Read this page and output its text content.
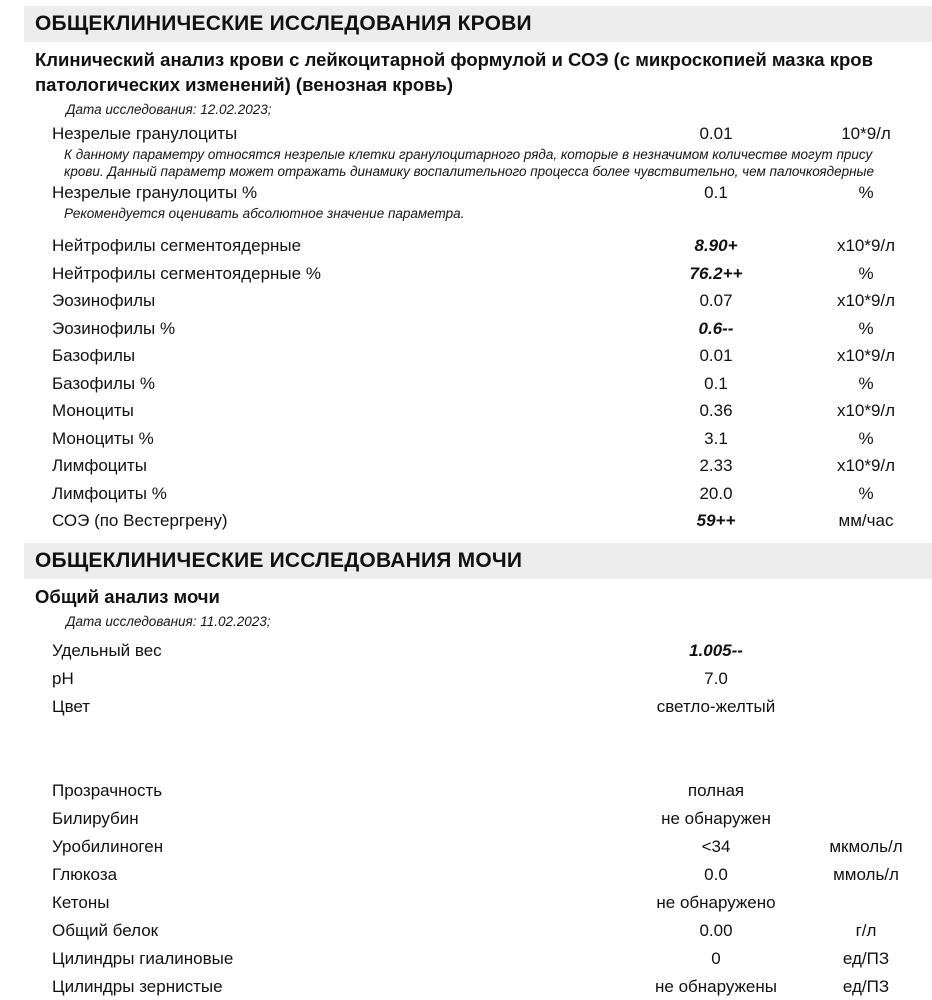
ОБЩЕКЛИНИЧЕСКИЕ ИССЛЕДОВАНИЯ КРОВИ
Клинический анализ крови с лейкоцитарной формулой и СОЭ (с микроскопией мазка кров
патологических изменений) (венозная кровь)
Дата исследования: 12.02.2023;
Незрелые гранулоциты	0.01	10*9/л
К данному параметру относятся незрелые клетки гранулоцитарного ряда, которые в незначимом количестве могут прису
крови. Данный параметр может отражать динамику воспалительного процесса более чувствительно, чем палочкоядерные
Незрелые гранулоциты %	0.1	%
Рекомендуется оценивать абсолютное значение параметра.
Нейтрофилы сегментоядерные	8.90+	х10*9/л
Нейтрофилы сегментоядерные %	76.2++	%
Эозинофилы	0.07	х10*9/л
Эозинофилы %	0.6--	%
Базофилы	0.01	х10*9/л
Базофилы %	0.1	%
Моноциты	0.36	х10*9/л
Моноциты %	3.1	%
Лимфоциты	2.33	х10*9/л
Лимфоциты %	20.0	%
СОЭ (по Вестергрену)	59++	мм/час
ОБЩЕКЛИНИЧЕСКИЕ ИССЛЕДОВАНИЯ МОЧИ
Общий анализ мочи
Дата исследования: 11.02.2023;
Удельный вес	1.005--
pH	7.0
Цвет	светло-желтый
Прозрачность	полная
Билирубин	не обнаружен
Уробилиноген	<34	мкмоль/л
Глюкоза	0.0	ммоль/л
Кетоны	не обнаружено
Общий белок	0.00	г/л
Цилиндры гиалиновые	0	ед/ПЗ
Цилиндры зернистые	не обнаружены	ед/ПЗ
